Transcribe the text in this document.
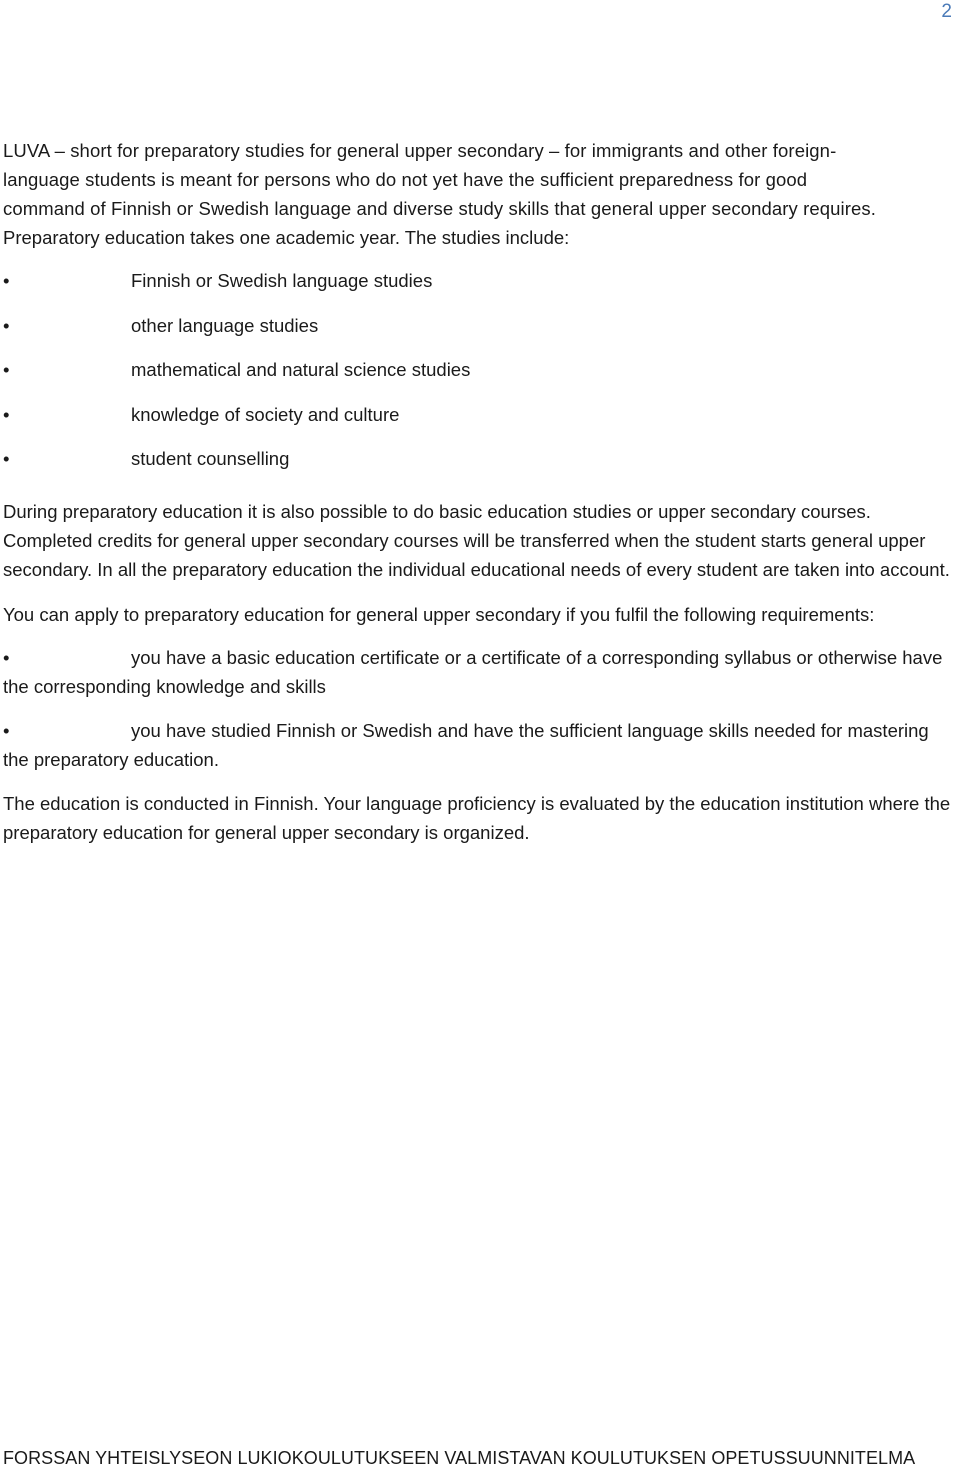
2

LUVA – short for preparatory studies for general upper secondary – for immigrants and other foreign-
language students is meant for persons who do not yet have the sufficient preparedness for good
command of Finnish or Swedish language and diverse study skills that general upper secondary requires.
Preparatory education takes one academic year. The studies include:

•	Finnish or Swedish language studies
•	other language studies
•	mathematical and natural science studies
•	knowledge of society and culture
•	student counselling

During preparatory education it is also possible to do basic education studies or upper secondary courses. Completed credits for general upper secondary courses will be transferred when the student starts general upper secondary. In all the preparatory education the individual educational needs of every student are taken into account.

You can apply to preparatory education for general upper secondary if you fulfil the following requirements:

•	you have a basic education certificate or a certificate of a corresponding syllabus or otherwise have the corresponding knowledge and skills
•	you have studied Finnish or Swedish and have the sufficient language skills needed for mastering the preparatory education.

The education is conducted in Finnish. Your language proficiency is evaluated by the education institution where the preparatory education for general upper secondary is organized.

FORSSAN YHTEISLYSEON LUKIOKOULUTUKSEEN VALMISTAVAN KOULUTUKSEN OPETUSSUUNNITELMA
